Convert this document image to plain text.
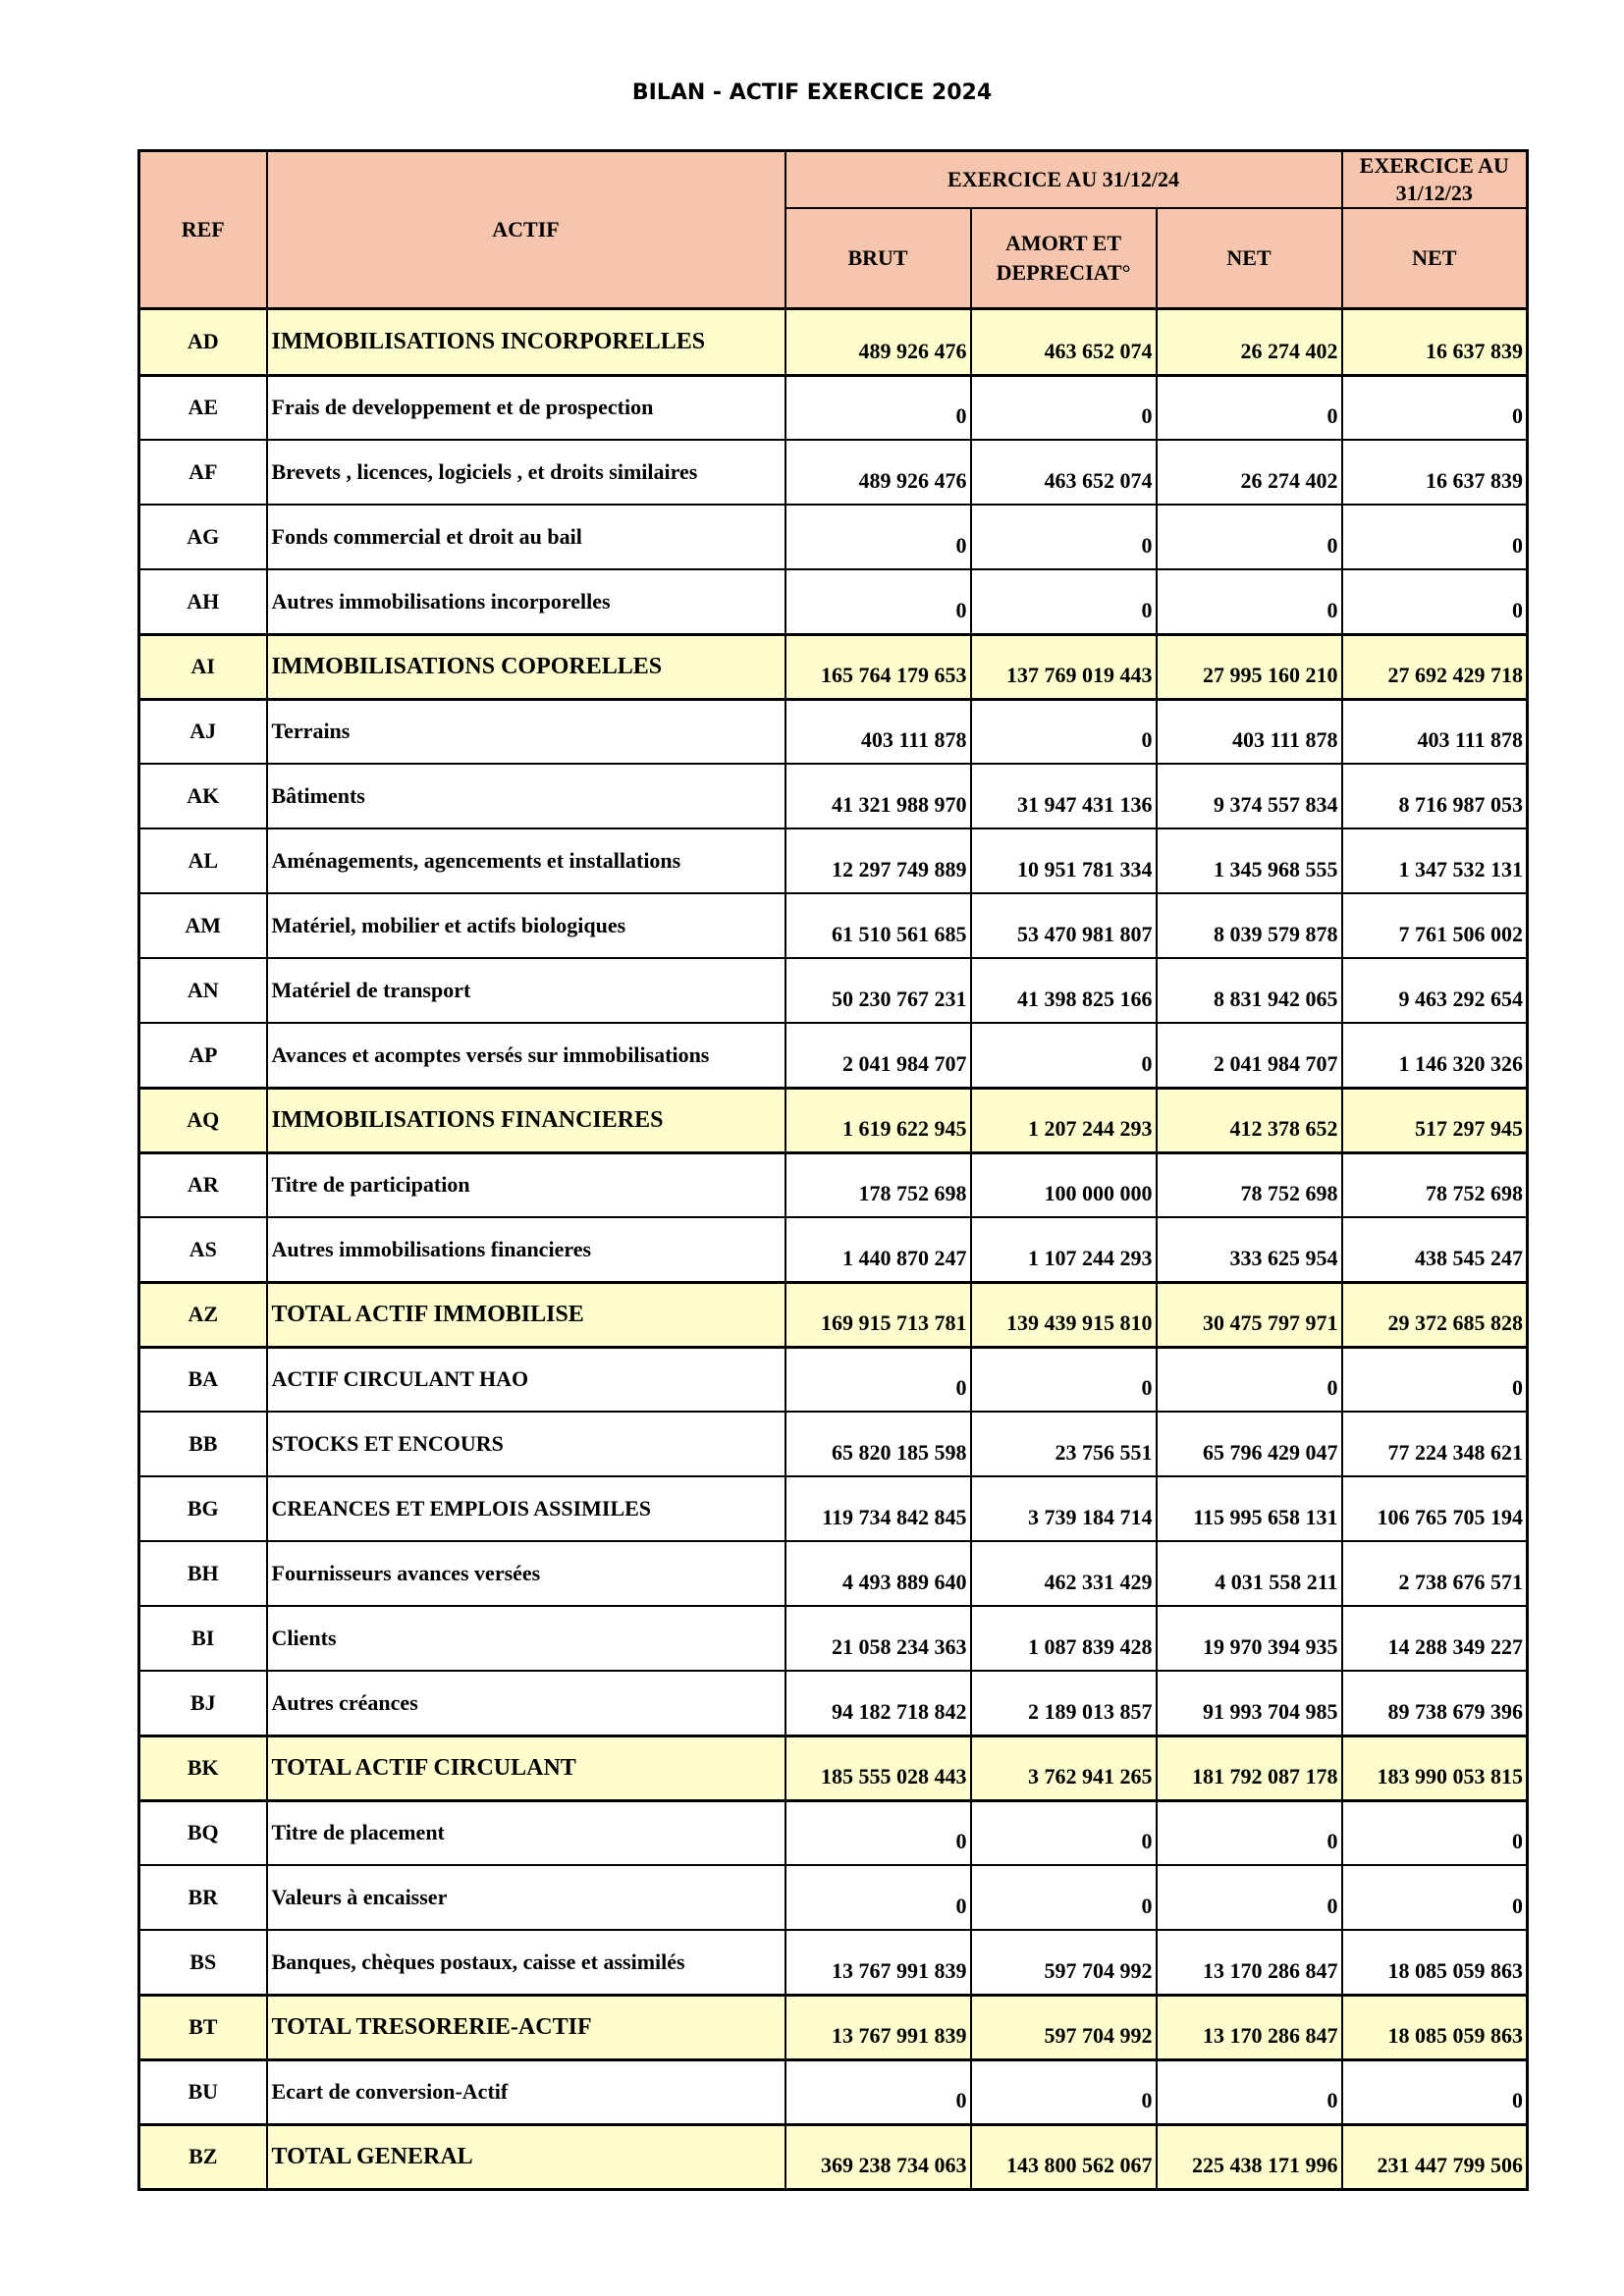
BILAN - ACTIF EXERCICE 2024
REF	ACTIF	EXERCICE AU 31/12/24			EXERCICE AU 31/12/23
		BRUT	AMORT ET DEPRECIAT°	NET	NET
AD	IMMOBILISATIONS INCORPORELLES	489 926 476	463 652 074	26 274 402	16 637 839
AE	Frais de developpement et de prospection	0	0	0	0
AF	Brevets , licences, logiciels , et droits similaires	489 926 476	463 652 074	26 274 402	16 637 839
AG	Fonds commercial et droit au bail	0	0	0	0
AH	Autres immobilisations incorporelles	0	0	0	0
AI	IMMOBILISATIONS COPORELLES	165 764 179 653	137 769 019 443	27 995 160 210	27 692 429 718
AJ	Terrains	403 111 878	0	403 111 878	403 111 878
AK	Bâtiments	41 321 988 970	31 947 431 136	9 374 557 834	8 716 987 053
AL	Aménagements, agencements et installations	12 297 749 889	10 951 781 334	1 345 968 555	1 347 532 131
AM	Matériel, mobilier et actifs biologiques	61 510 561 685	53 470 981 807	8 039 579 878	7 761 506 002
AN	Matériel de transport	50 230 767 231	41 398 825 166	8 831 942 065	9 463 292 654
AP	Avances et acomptes versés sur immobilisations	2 041 984 707	0	2 041 984 707	1 146 320 326
AQ	IMMOBILISATIONS FINANCIERES	1 619 622 945	1 207 244 293	412 378 652	517 297 945
AR	Titre de participation	178 752 698	100 000 000	78 752 698	78 752 698
AS	Autres immobilisations financieres	1 440 870 247	1 107 244 293	333 625 954	438 545 247
AZ	TOTAL ACTIF IMMOBILISE	169 915 713 781	139 439 915 810	30 475 797 971	29 372 685 828
BA	ACTIF CIRCULANT HAO	0	0	0	0
BB	STOCKS ET ENCOURS	65 820 185 598	23 756 551	65 796 429 047	77 224 348 621
BG	CREANCES ET EMPLOIS ASSIMILES	119 734 842 845	3 739 184 714	115 995 658 131	106 765 705 194
BH	Fournisseurs avances versées	4 493 889 640	462 331 429	4 031 558 211	2 738 676 571
BI	Clients	21 058 234 363	1 087 839 428	19 970 394 935	14 288 349 227
BJ	Autres créances	94 182 718 842	2 189 013 857	91 993 704 985	89 738 679 396
BK	TOTAL ACTIF CIRCULANT	185 555 028 443	3 762 941 265	181 792 087 178	183 990 053 815
BQ	Titre de placement	0	0	0	0
BR	Valeurs à encaisser	0	0	0	0
BS	Banques, chèques postaux, caisse et assimilés	13 767 991 839	597 704 992	13 170 286 847	18 085 059 863
BT	TOTAL TRESORERIE-ACTIF	13 767 991 839	597 704 992	13 170 286 847	18 085 059 863
BU	Ecart de conversion-Actif	0	0	0	0
BZ	TOTAL GENERAL	369 238 734 063	143 800 562 067	225 438 171 996	231 447 799 506
